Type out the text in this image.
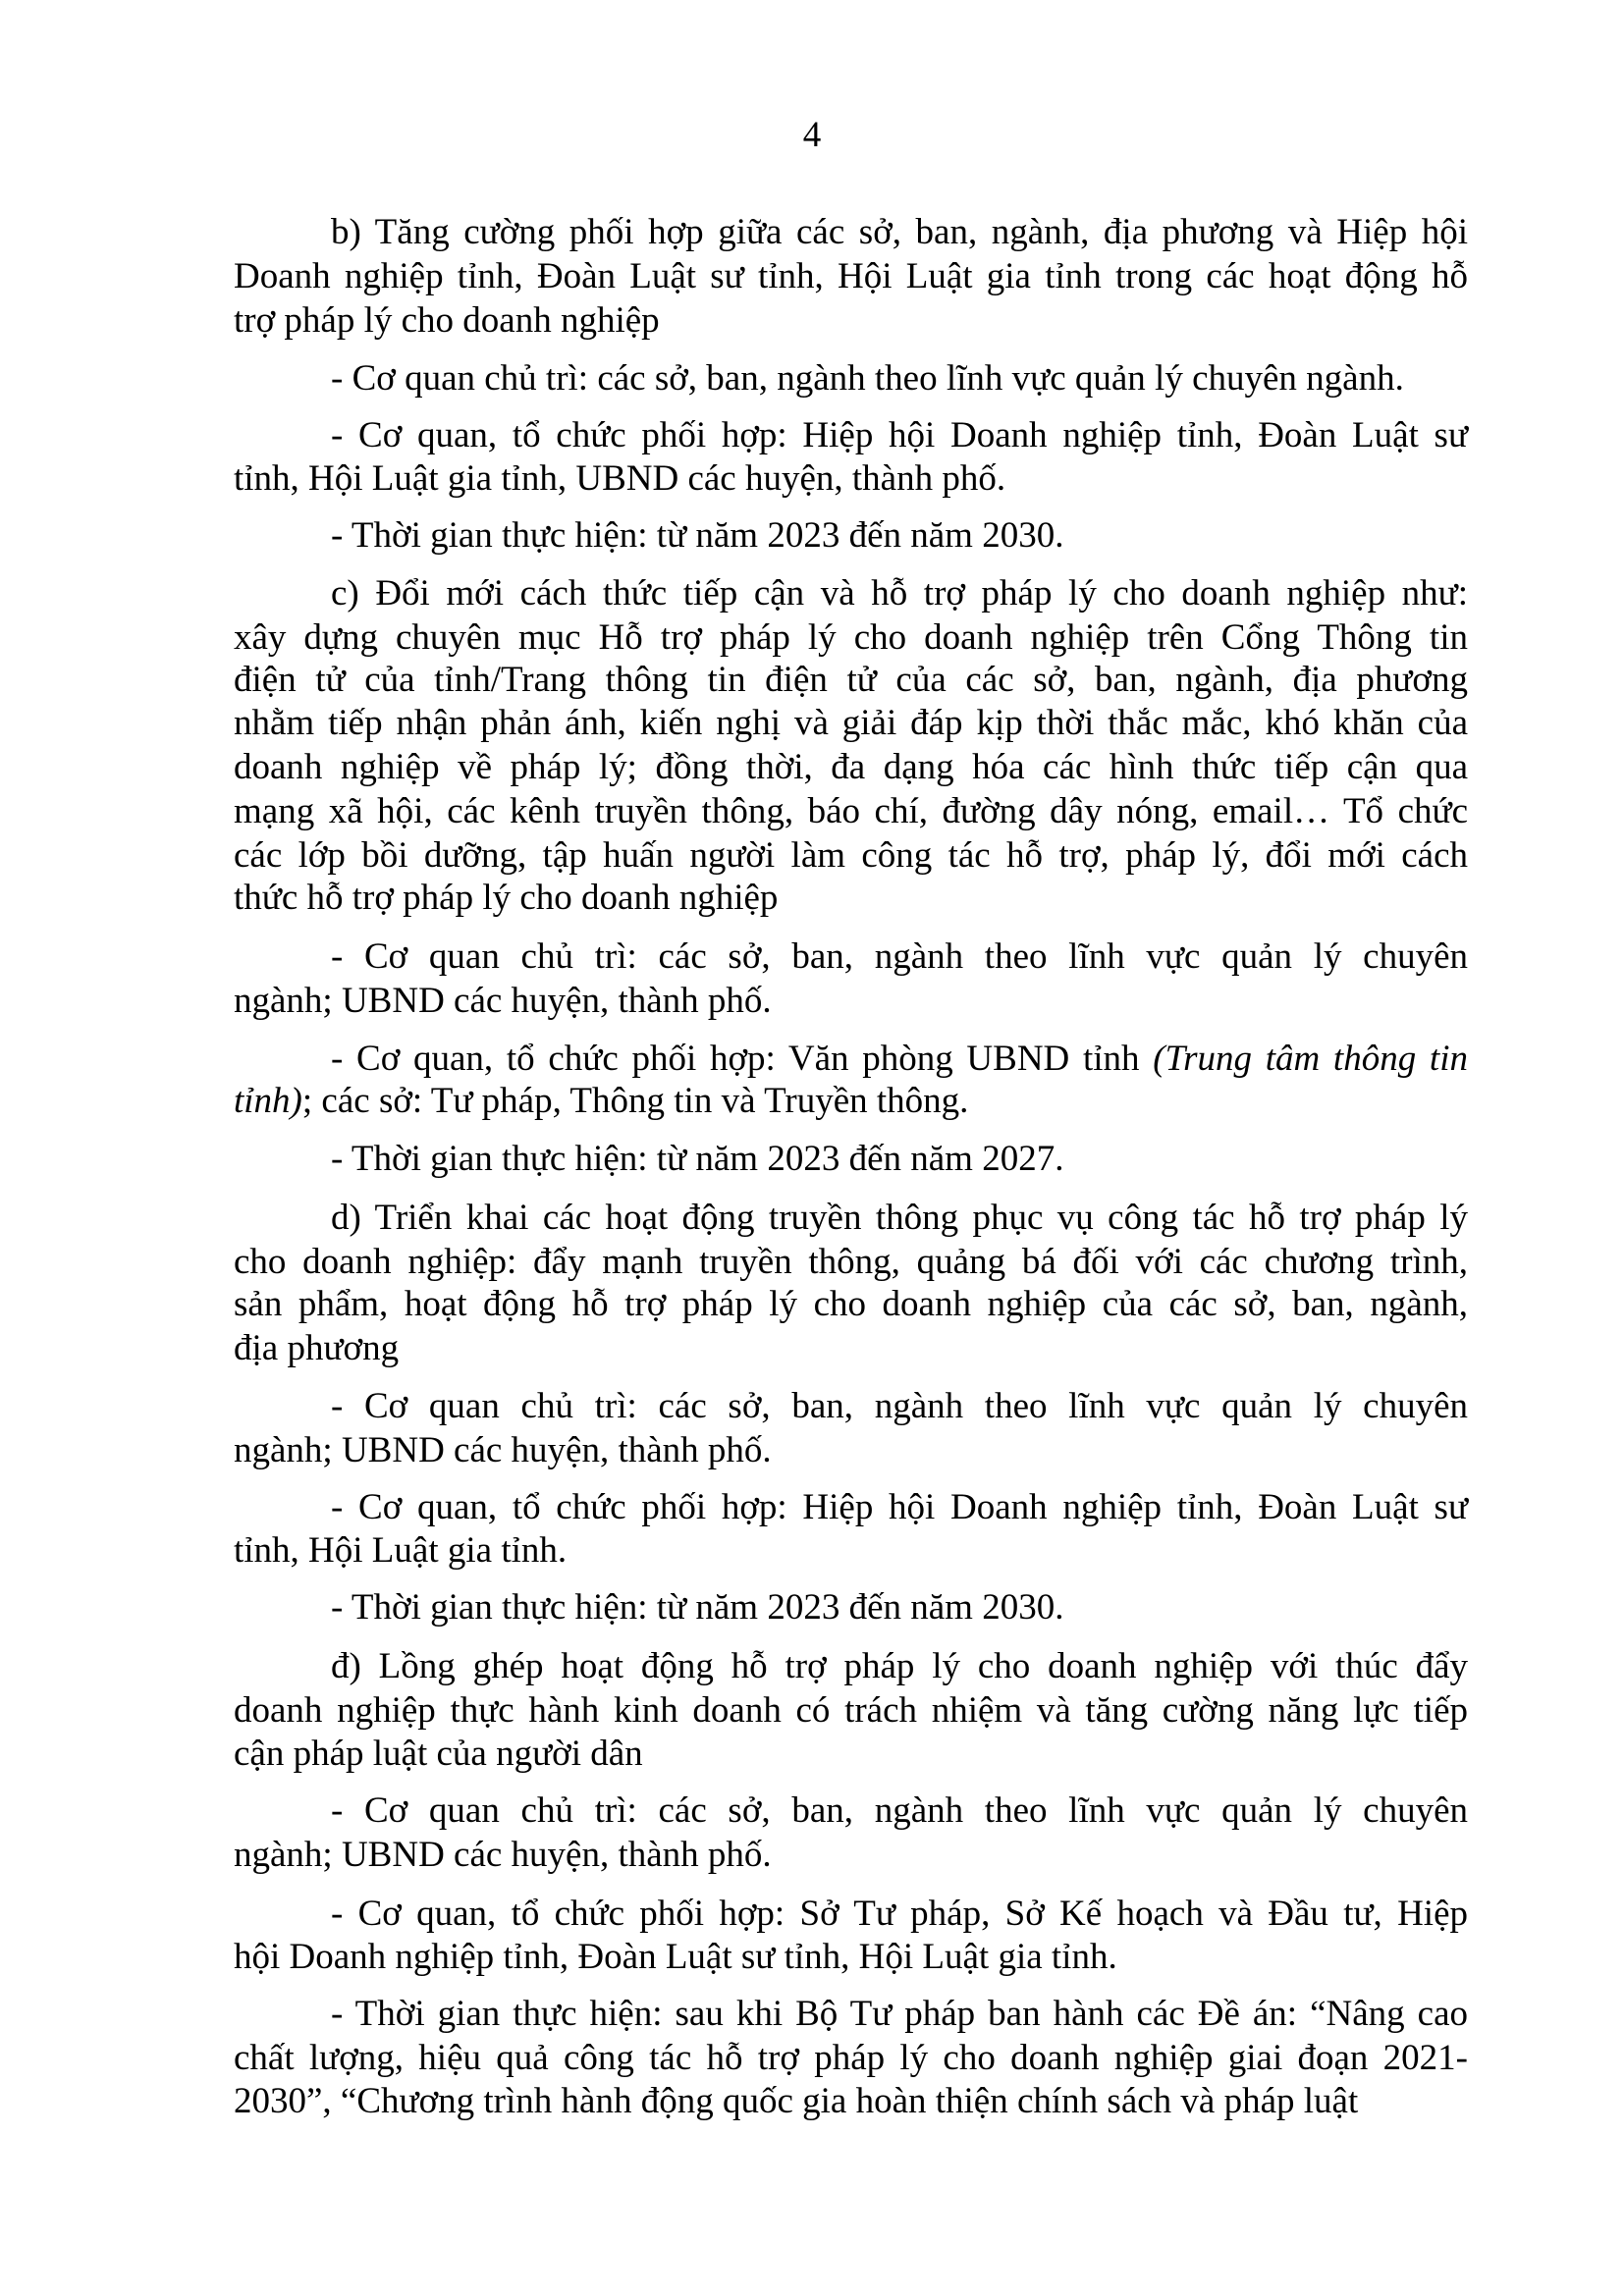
4
b) Tăng cường phối hợp giữa các sở, ban, ngành, địa phương và Hiệp hội
Doanh nghiệp tỉnh, Đoàn Luật sư tỉnh, Hội Luật gia tỉnh trong các hoạt động hỗ
trợ pháp lý cho doanh nghiệp
- Cơ quan chủ trì: các sở, ban, ngành theo lĩnh vực quản lý chuyên ngành.
- Cơ quan, tổ chức phối hợp: Hiệp hội Doanh nghiệp tỉnh, Đoàn Luật sư
tỉnh, Hội Luật gia tỉnh, UBND các huyện, thành phố.
- Thời gian thực hiện: từ năm 2023 đến năm 2030.
c) Đổi mới cách thức tiếp cận và hỗ trợ pháp lý cho doanh nghiệp như:
xây dựng chuyên mục Hỗ trợ pháp lý cho doanh nghiệp trên Cổng Thông tin
điện tử của tỉnh/Trang thông tin điện tử của các sở, ban, ngành, địa phương
nhằm tiếp nhận phản ánh, kiến nghị và giải đáp kịp thời thắc mắc, khó khăn của
doanh nghiệp về pháp lý; đồng thời, đa dạng hóa các hình thức tiếp cận qua
mạng xã hội, các kênh truyền thông, báo chí, đường dây nóng, email… Tổ chức
các lớp bồi dưỡng, tập huấn người làm công tác hỗ trợ, pháp lý, đổi mới cách
thức hỗ trợ pháp lý cho doanh nghiệp
- Cơ quan chủ trì: các sở, ban, ngành theo lĩnh vực quản lý chuyên
ngành; UBND các huyện, thành phố.
- Cơ quan, tổ chức phối hợp: Văn phòng UBND tỉnh (Trung tâm thông tin
tỉnh); các sở: Tư pháp, Thông tin và Truyền thông.
- Thời gian thực hiện: từ năm 2023 đến năm 2027.
d) Triển khai các hoạt động truyền thông phục vụ công tác hỗ trợ pháp lý
cho doanh nghiệp: đẩy mạnh truyền thông, quảng bá đối với các chương trình,
sản phẩm, hoạt động hỗ trợ pháp lý cho doanh nghiệp của các sở, ban, ngành,
địa phương
- Cơ quan chủ trì: các sở, ban, ngành theo lĩnh vực quản lý chuyên
ngành; UBND các huyện, thành phố.
- Cơ quan, tổ chức phối hợp: Hiệp hội Doanh nghiệp tỉnh, Đoàn Luật sư
tỉnh, Hội Luật gia tỉnh.
- Thời gian thực hiện: từ năm 2023 đến năm 2030.
đ) Lồng ghép hoạt động hỗ trợ pháp lý cho doanh nghiệp với thúc đẩy
doanh nghiệp thực hành kinh doanh có trách nhiệm và tăng cường năng lực tiếp
cận pháp luật của người dân
- Cơ quan chủ trì: các sở, ban, ngành theo lĩnh vực quản lý chuyên
ngành; UBND các huyện, thành phố.
- Cơ quan, tổ chức phối hợp: Sở Tư pháp, Sở Kế hoạch và Đầu tư, Hiệp
hội Doanh nghiệp tỉnh, Đoàn Luật sư tỉnh, Hội Luật gia tỉnh.
- Thời gian thực hiện: sau khi Bộ Tư pháp ban hành các Đề án: “Nâng cao
chất lượng, hiệu quả công tác hỗ trợ pháp lý cho doanh nghiệp giai đoạn 2021-
2030”, “Chương trình hành động quốc gia hoàn thiện chính sách và pháp luật
